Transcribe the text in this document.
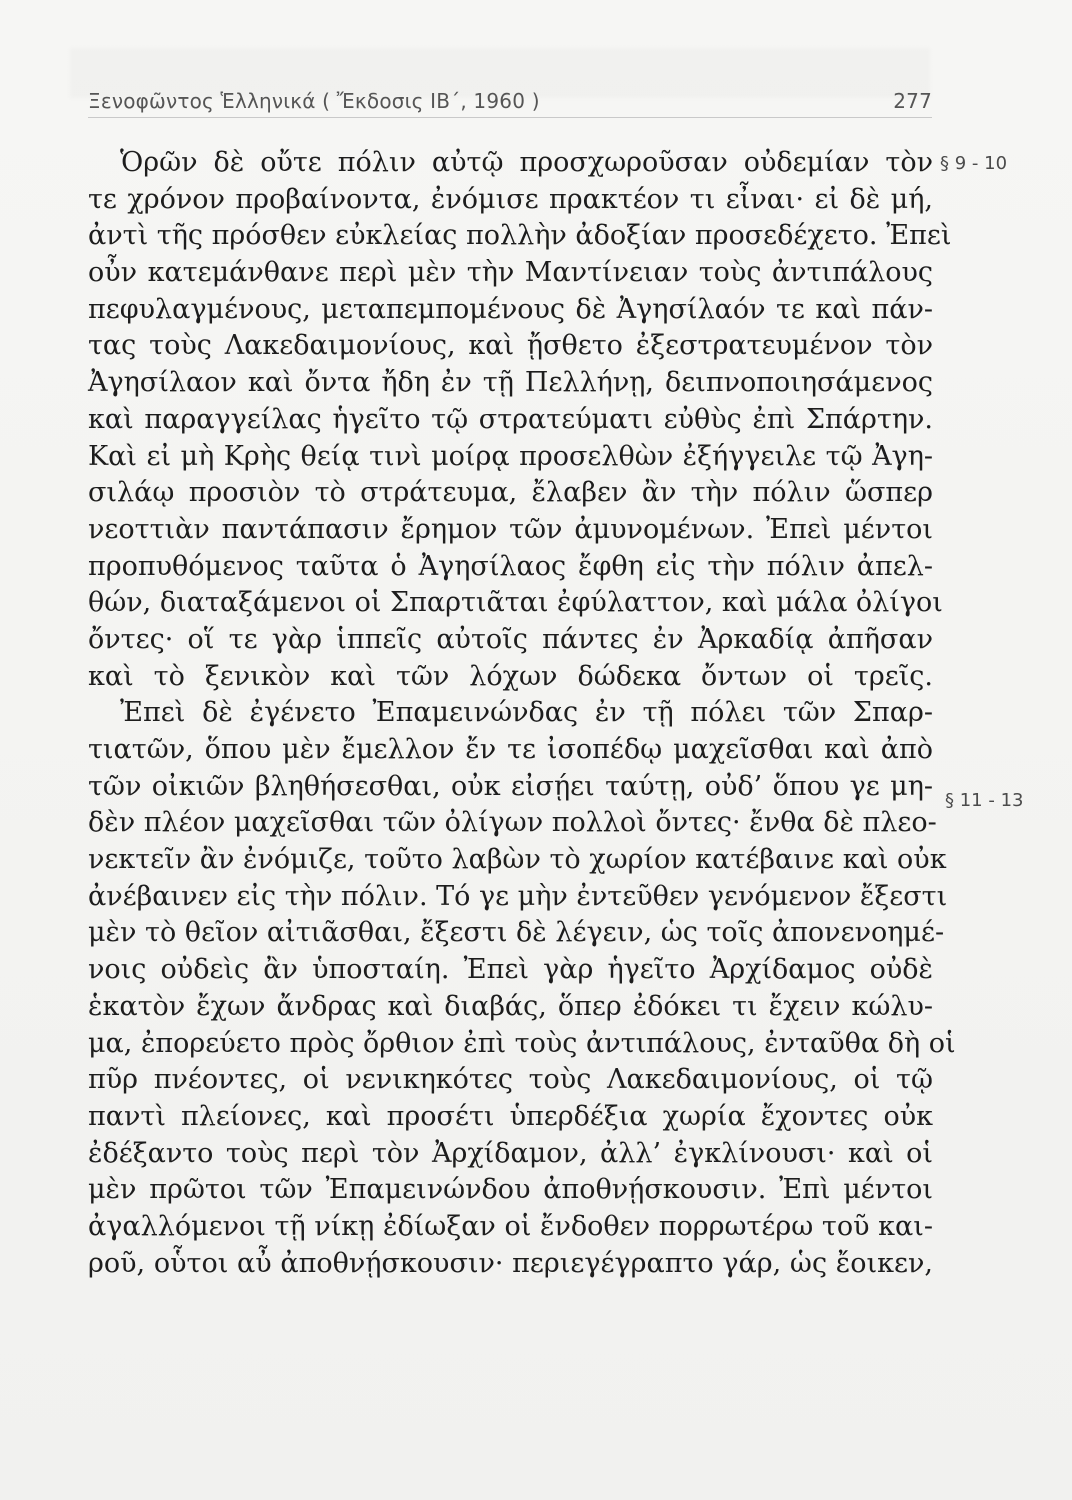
Ξενοφῶντος Ἑλληνικά ( Ἔκδοσις ΙΒ΄, 1960 )	277
§ 9 - 10
§ 11 - 13
Ὁρῶν δὲ οὔτε πόλιν αὐτῷ προσχωροῦσαν οὐδεμίαν τὸν
τε χρόνον προβαίνοντα, ἐνόμισε πρακτέον τι εἶναι· εἰ δὲ μή,
ἀντὶ τῆς πρόσθεν εὐκλείας πολλὴν ἀδοξίαν προσεδέχετο. Ἐπεὶ
οὖν κατεμάνθανε περὶ μὲν τὴν Μαντίνειαν τοὺς ἀντιπάλους
πεφυλαγμένους, μεταπεμπομένους δὲ Ἀγησίλαόν τε καὶ πάν-
τας τοὺς Λακεδαιμονίους, καὶ ᾔσθετο ἐξεστρατευμένον τὸν
Ἀγησίλαον καὶ ὄντα ἤδη ἐν τῇ Πελλήνῃ, δειπνοποιησάμενος
καὶ παραγγείλας ἡγεῖτο τῷ στρατεύματι εὐθὺς ἐπὶ Σπάρτην.
Καὶ εἰ μὴ Κρὴς θείᾳ τινὶ μοίρᾳ προσελθὼν ἐξήγγειλε τῷ Ἀγη-
σιλάῳ προσιὸν τὸ στράτευμα, ἔλαβεν ἂν τὴν πόλιν ὥσπερ
νεοττιὰν παντάπασιν ἔρημον τῶν ἀμυνομένων. Ἐπεὶ μέντοι
προπυθόμενος ταῦτα ὁ Ἀγησίλαος ἔφθη εἰς τὴν πόλιν ἀπελ-
θών, διαταξάμενοι οἱ Σπαρτιᾶται ἐφύλαττον, καὶ μάλα ὀλίγοι
ὄντες· οἵ τε γὰρ ἱππεῖς αὐτοῖς πάντες ἐν Ἀρκαδίᾳ ἀπῆσαν
καὶ τὸ ξενικὸν καὶ τῶν λόχων δώδεκα ὄντων οἱ τρεῖς.
Ἐπεὶ δὲ ἐγένετο Ἐπαμεινώνδας ἐν τῇ πόλει τῶν Σπαρ-
τιατῶν, ὅπου μὲν ἔμελλον ἔν τε ἰσοπέδῳ μαχεῖσθαι καὶ ἀπὸ
τῶν οἰκιῶν βληθήσεσθαι, οὐκ εἰσῄει ταύτῃ, οὐδ’ ὅπου γε μη-
δὲν πλέον μαχεῖσθαι τῶν ὀλίγων πολλοὶ ὄντες· ἔνθα δὲ πλεο-
νεκτεῖν ἂν ἐνόμιζε, τοῦτο λαβὼν τὸ χωρίον κατέβαινε καὶ οὐκ
ἀνέβαινεν εἰς τὴν πόλιν. Τό γε μὴν ἐντεῦθεν γενόμενον ἔξεστι
μὲν τὸ θεῖον αἰτιᾶσθαι, ἔξεστι δὲ λέγειν, ὡς τοῖς ἀπονενοημέ-
νοις οὐδεὶς ἂν ὑποσταίη. Ἐπεὶ γὰρ ἡγεῖτο Ἀρχίδαμος οὐδὲ
ἑκατὸν ἔχων ἄνδρας καὶ διαβάς, ὅπερ ἐδόκει τι ἔχειν κώλυ-
μα, ἐπορεύετο πρὸς ὄρθιον ἐπὶ τοὺς ἀντιπάλους, ἐνταῦθα δὴ οἱ
πῦρ πνέοντες, οἱ νενικηκότες τοὺς Λακεδαιμονίους, οἱ τῷ
παντὶ πλείονες, καὶ προσέτι ὑπερδέξια χωρία ἔχοντες οὐκ
ἐδέξαντο τοὺς περὶ τὸν Ἀρχίδαμον, ἀλλ’ ἐγκλίνουσι· καὶ οἱ
μὲν πρῶτοι τῶν Ἐπαμεινώνδου ἀποθνῄσκουσιν. Ἐπὶ μέντοι
ἀγαλλόμενοι τῇ νίκῃ ἐδίωξαν οἱ ἔνδοθεν πορρωτέρω τοῦ και-
ροῦ, οὗτοι αὖ ἀποθνῄσκουσιν· περιεγέγραπτο γάρ, ὡς ἔοικεν,
